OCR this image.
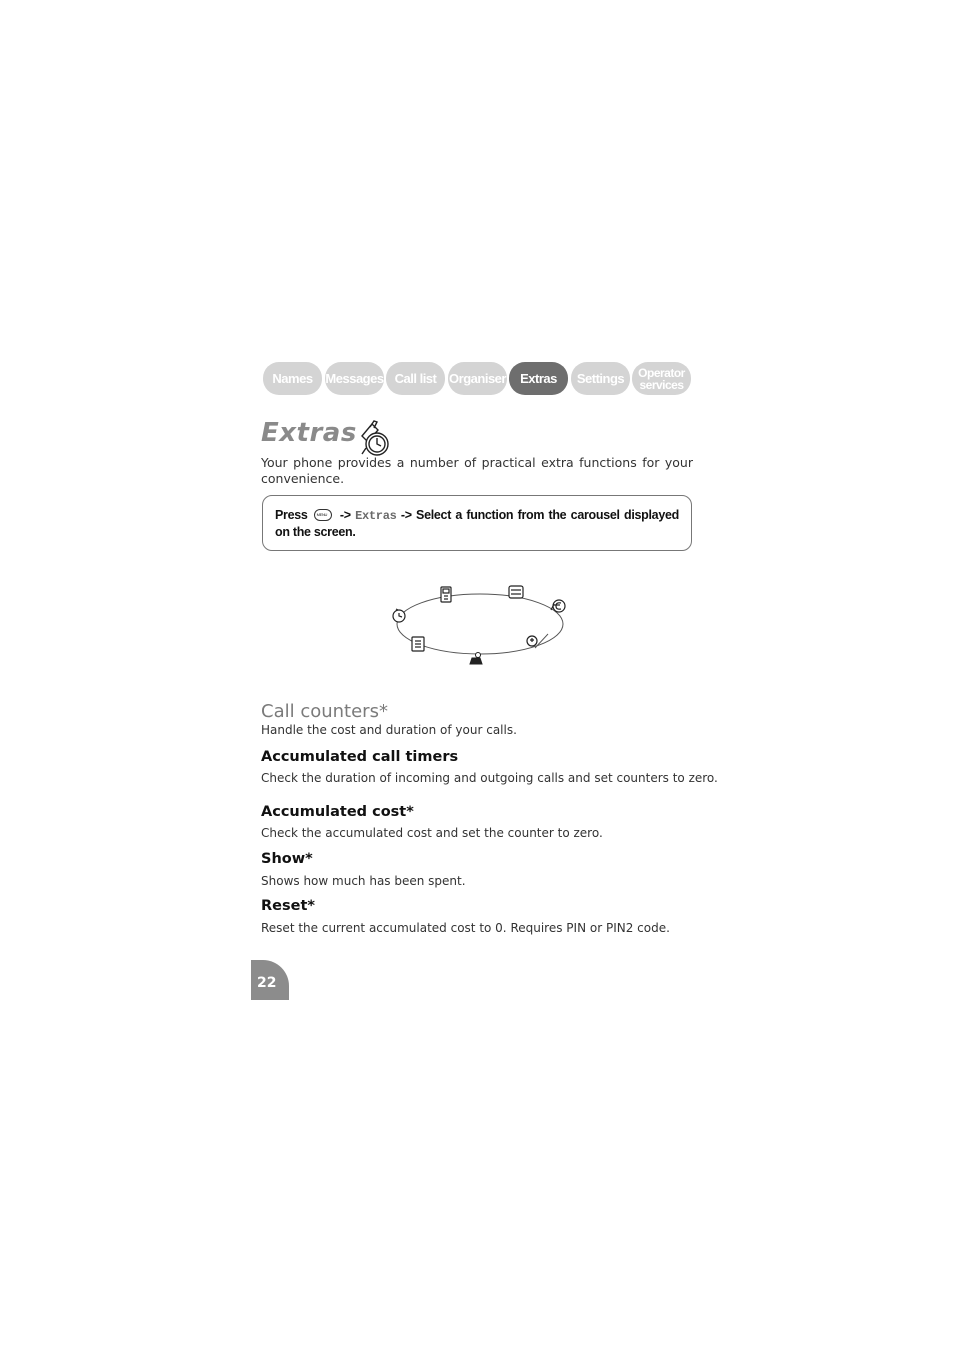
Names Messages Call list Organiser	Extras	Settings	Operator services
Extras
Your phone provides a number of practical extra functions for your convenience.
Press MENU -> Extras -> Select a function from the carousel displayed on the screen.
Call counters*
Handle the cost and duration of your calls.
Accumulated call timers
Check the duration of incoming and outgoing calls and set counters to zero.
Accumulated cost*
Check the accumulated cost and set the counter to zero.
Show*
Shows how much has been spent.
Reset*
Reset the current accumulated cost to 0. Requires PIN or PIN2 code.
22
